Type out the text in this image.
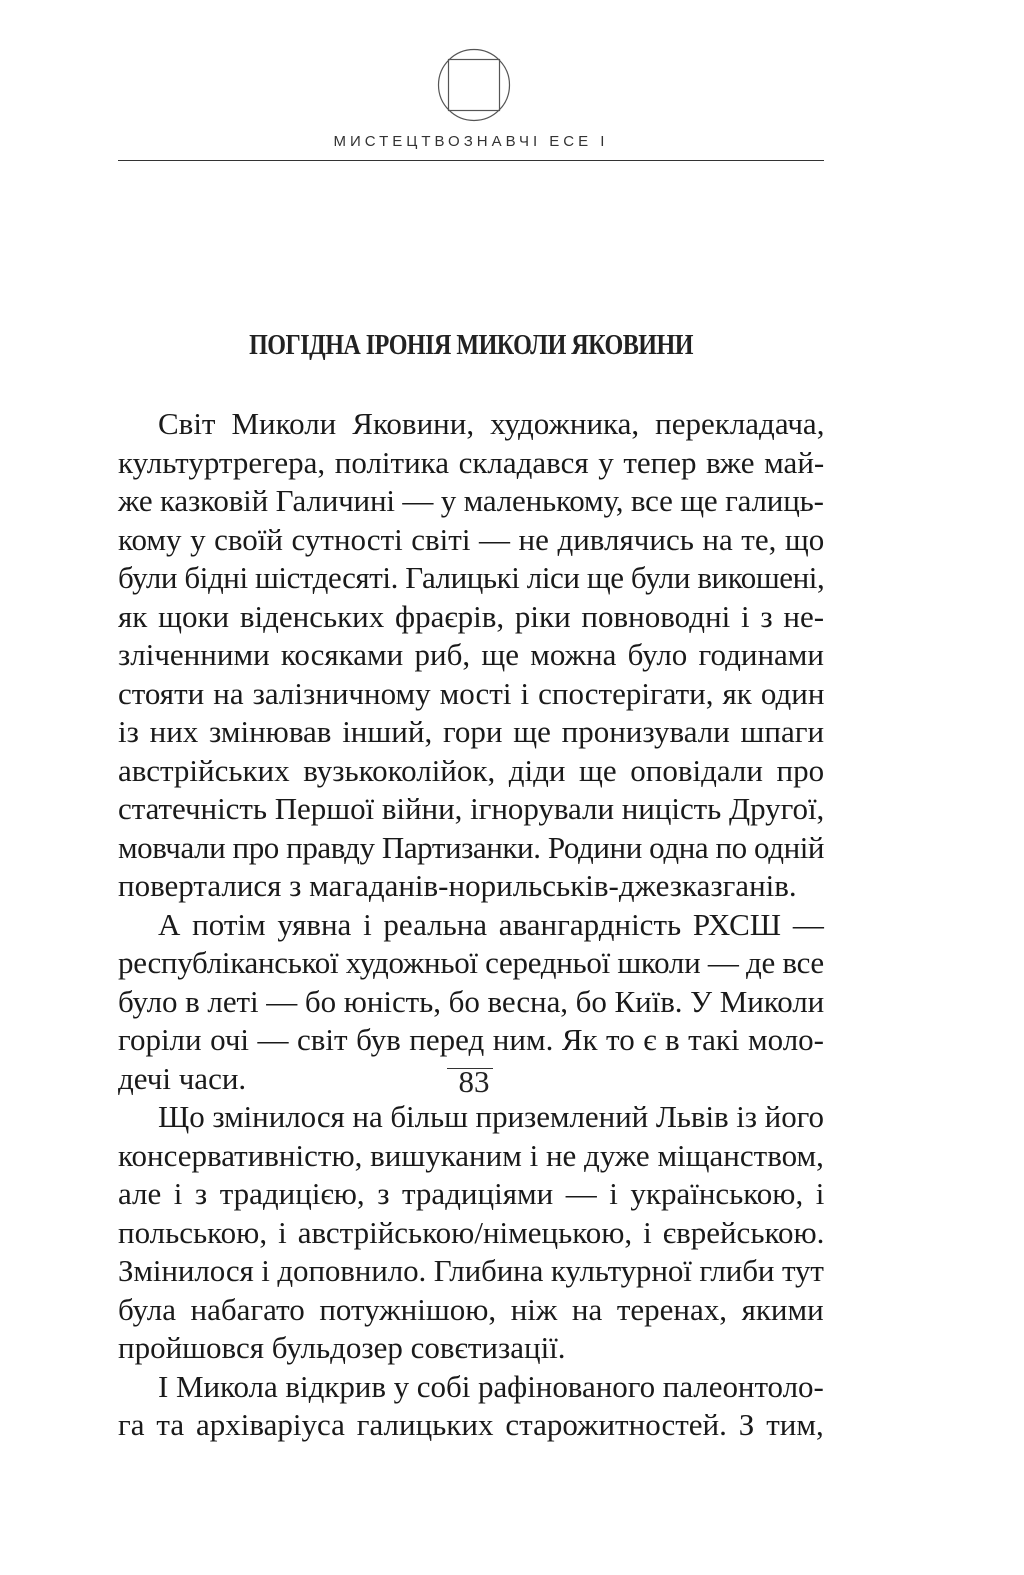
МИСТЕЦТВОЗНАВЧІ ЕСЕ І
ПОГІДНА ІРОНІЯ МИКОЛИ ЯКОВИНИ

Світ Миколи Яковини, художника, перекладача,
культуртрегера, політика складався у тепер вже май-
же казковій Галичині — у маленькому, все ще галиць-
кому у своїй сутності світі — не дивлячись на те, що
були бідні шістдесяті. Галицькі ліси ще були викошені,
як щоки віденських фраєрів, ріки повноводні і з не-
зліченними косяками риб, ще можна було годинами
стояти на залізничному мості і спостерігати, як один
із них змінював інший, гори ще пронизували шпаги
австрійських вузькоколійок, діди ще оповідали про
статечність Першої війни, ігнорували ницість Другої,
мовчали про правду Партизанки. Родини одна по одній
поверталися з магаданів-норильськів-джезказганів.

А потім уявна і реальна авангардність РХСШ —
республіканської художньої середньої школи — де все
було в леті — бо юність, бо весна, бо Київ. У Миколи
горіли очі — світ був перед ним. Як то є в такі моло-
дечі часи.

Що змінилося на більш приземлений Львів із його
консервативністю, вишуканим і не дуже міщанством,
але і з традицією, з традиціями — і українською, і
польською, і австрійською/німецькою, і єврейською.
Змінилося і доповнило. Глибина культурної глиби тут
була набагато потужнішою, ніж на теренах, якими
пройшовся бульдозер совєтизації.

І Микола відкрив у собі рафінованого палеонтоло-
га та архіваріуса галицьких старожитностей. З тим,

83
